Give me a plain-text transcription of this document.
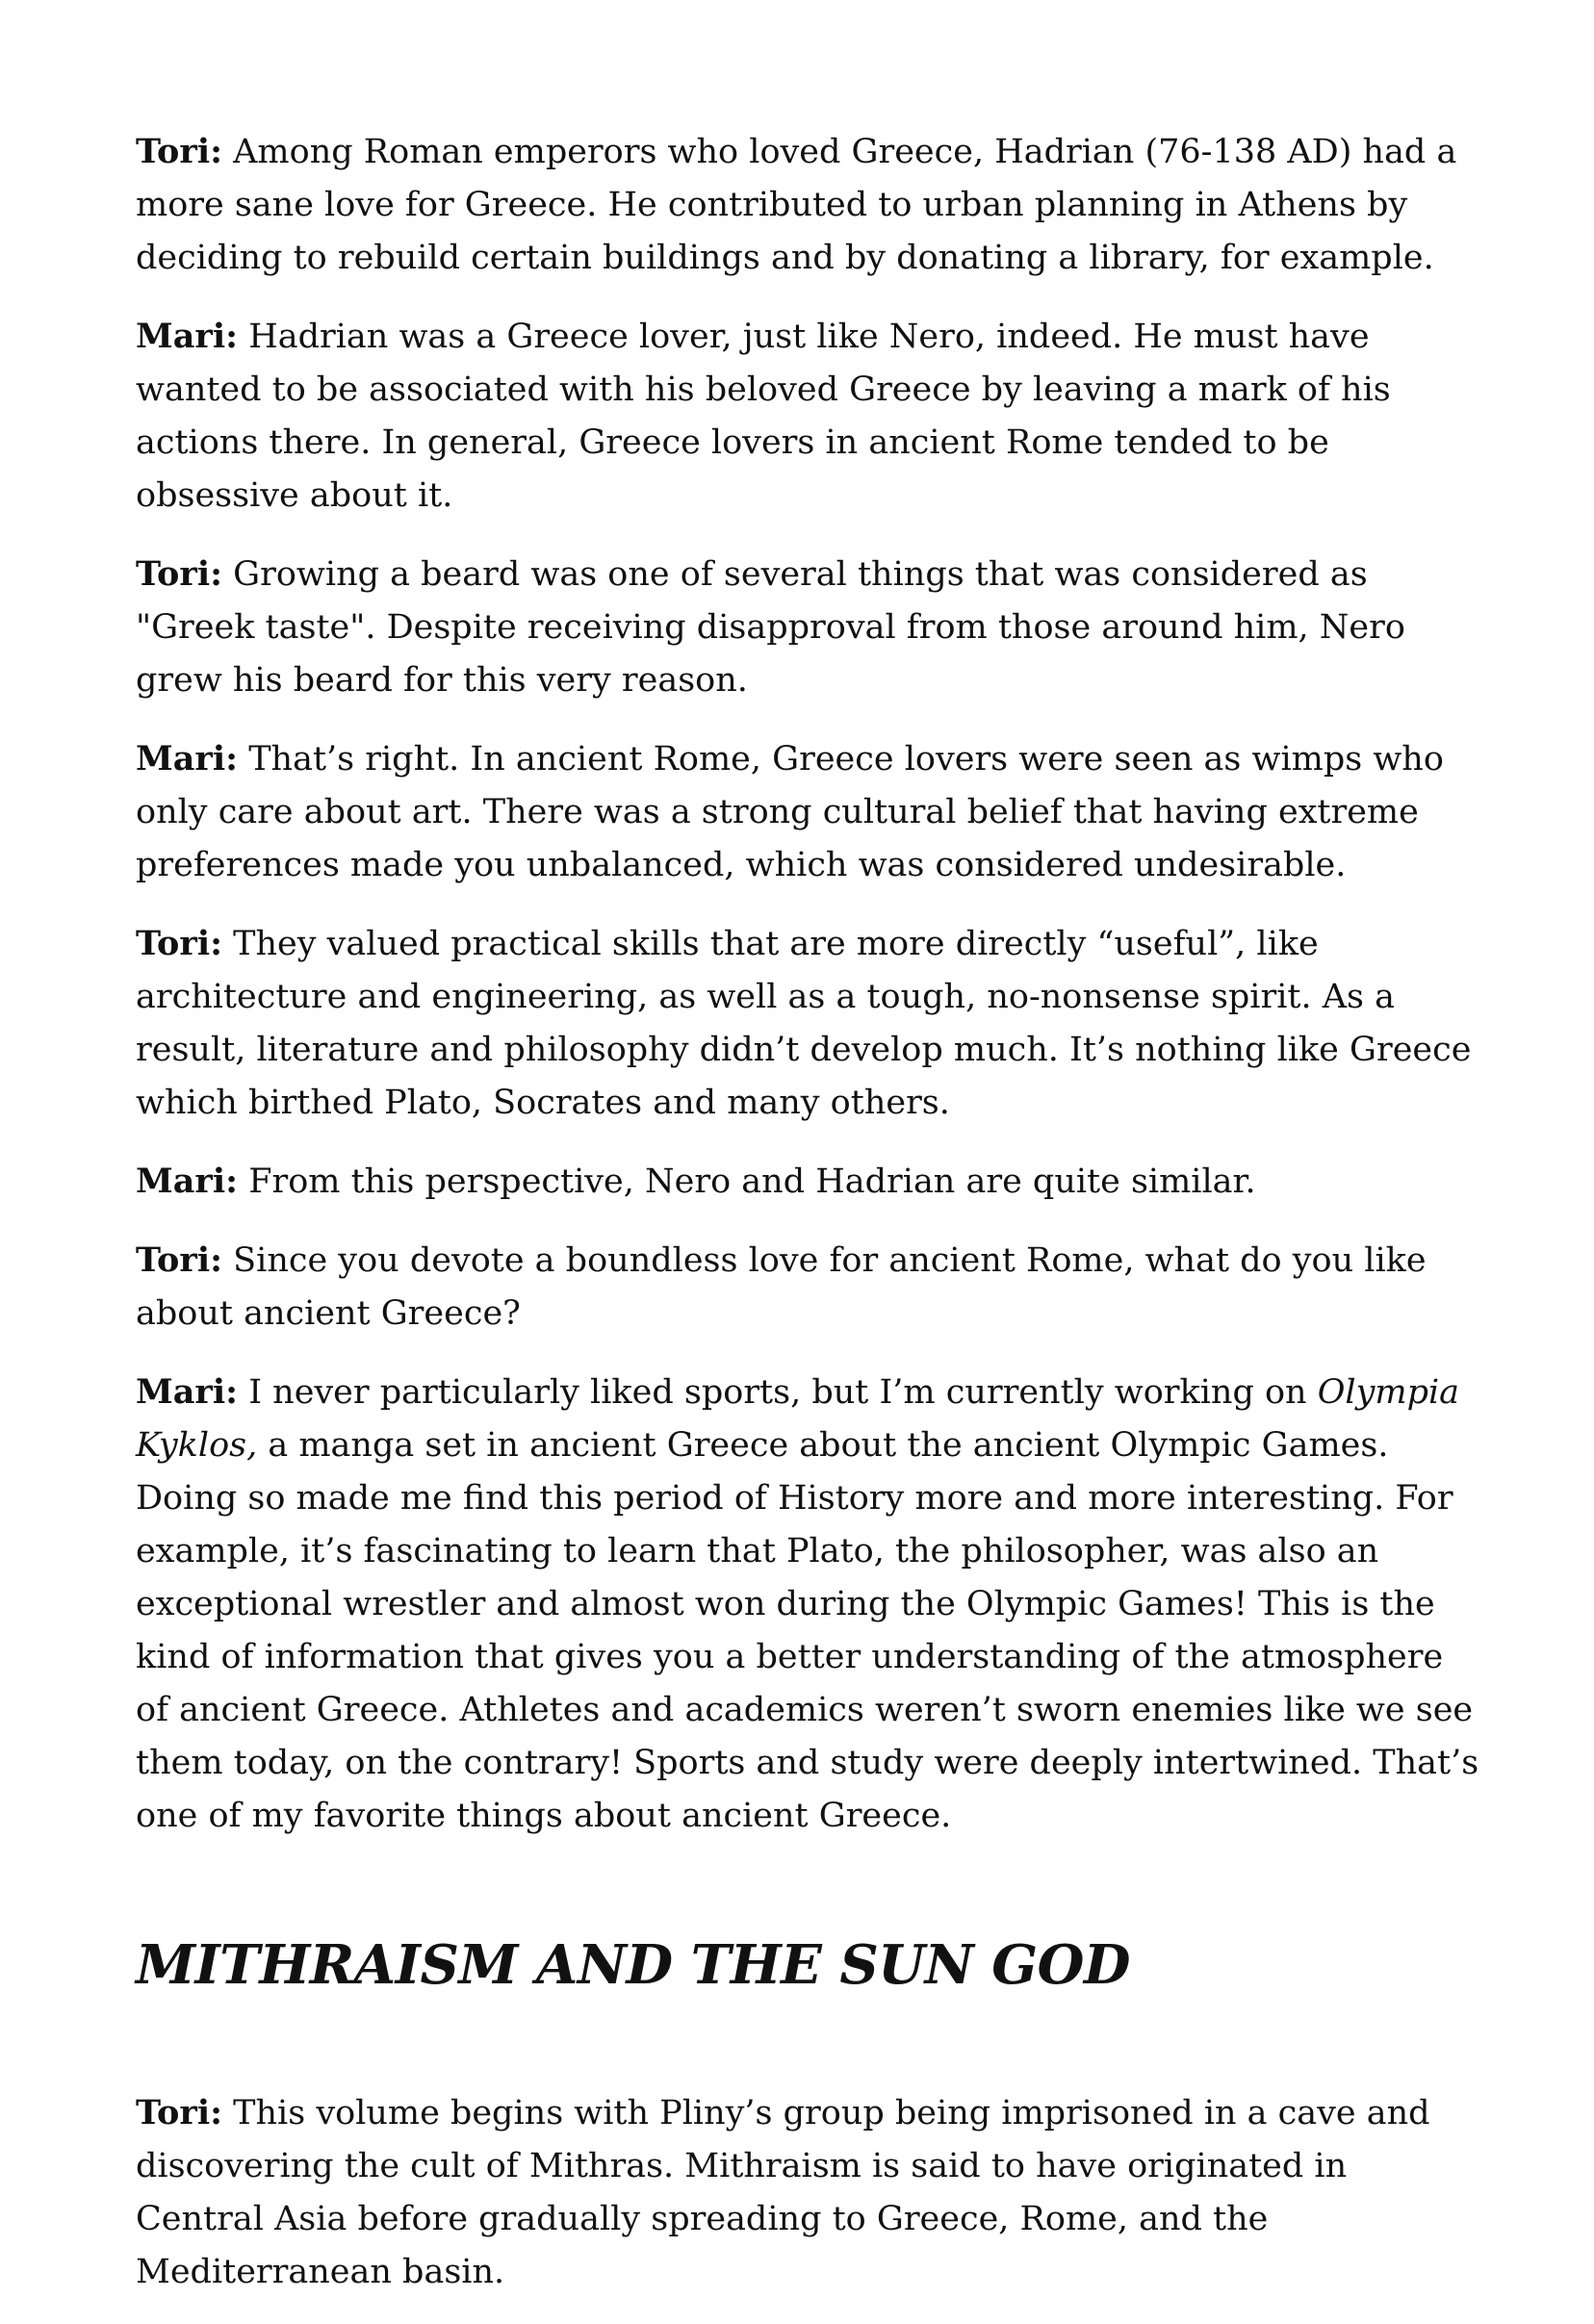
Tori: Among Roman emperors who loved Greece, Hadrian (76-138 AD) had a more sane love for Greece. He contributed to urban planning in Athens by deciding to rebuild certain buildings and by donating a library, for example.

Mari: Hadrian was a Greece lover, just like Nero, indeed. He must have wanted to be associated with his beloved Greece by leaving a mark of his actions there. In general, Greece lovers in ancient Rome tended to be obsessive about it.

Tori: Growing a beard was one of several things that was considered as "Greek taste". Despite receiving disapproval from those around him, Nero grew his beard for this very reason.

Mari: That’s right. In ancient Rome, Greece lovers were seen as wimps who only care about art. There was a strong cultural belief that having extreme preferences made you unbalanced, which was considered undesirable.

Tori: They valued practical skills that are more directly “useful”, like architecture and engineering, as well as a tough, no-nonsense spirit. As a result, literature and philosophy didn’t develop much. It’s nothing like Greece which birthed Plato, Socrates and many others.

Mari: From this perspective, Nero and Hadrian are quite similar.

Tori: Since you devote a boundless love for ancient Rome, what do you like about ancient Greece?

Mari: I never particularly liked sports, but I’m currently working on Olympia Kyklos, a manga set in ancient Greece about the ancient Olympic Games. Doing so made me find this period of History more and more interesting. For example, it’s fascinating to learn that Plato, the philosopher, was also an exceptional wrestler and almost won during the Olympic Games! This is the kind of information that gives you a better understanding of the atmosphere of ancient Greece. Athletes and academics weren’t sworn enemies like we see them today, on the contrary! Sports and study were deeply intertwined. That’s one of my favorite things about ancient Greece.

MITHRAISM AND THE SUN GOD

Tori: This volume begins with Pliny’s group being imprisoned in a cave and discovering the cult of Mithras. Mithraism is said to have originated in Central Asia before gradually spreading to Greece, Rome, and the Mediterranean basin.
